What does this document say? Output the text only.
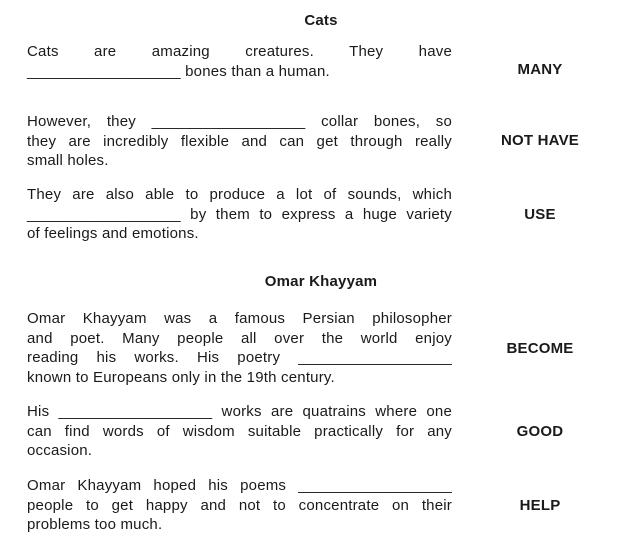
Cats
Cats are amazing creatures. They have
__________________ bones than a human.	MANY
However, they __________________ collar bones, so
they are incredibly flexible and can get through really
small holes.
NOT HAVE
They are also able to produce a lot of sounds, which
__________________ by them to express a huge variety
of feelings and emotions.
USE
Omar Khayyam
Omar Khayyam was a famous Persian philosopher
and poet. Many people all over the world enjoy
reading his works. His poetry __________________
known to Europeans only in the 19th century.
BECOME
His __________________ works are quatrains where one
can find words of wisdom suitable practically for any
occasion.
GOOD
Omar Khayyam hoped his poems __________________
people to get happy and not to concentrate on their
problems too much.
HELP
